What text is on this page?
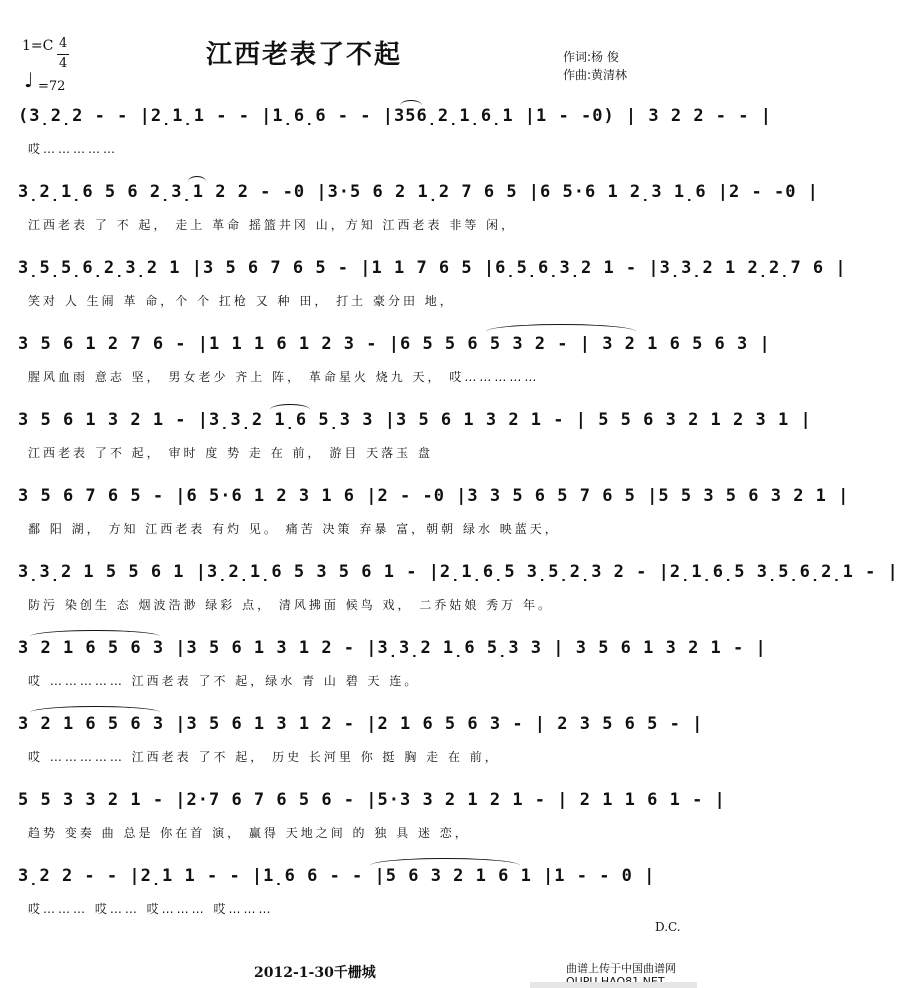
江西老表了不起
1=C 4
4
♩ =72
作词:杨 俊
作曲:黄清林
(3̣2̣2 - - |2̣1̣1 - - |1̣6̣6 - - |356̣2̣1̣6̣1 |1 - -0) | 3 2 2 - - |
哎……………
3̣2̣1̣6 5 6 2̣3̣1 2 2 - -0 |3·5 6 2 1̣2 7 6 5 |6 5·6 1 2̣3 1̣6 |2 - -0 |
江西老表 了 不 起， 走上 革命 摇篮井冈 山，方知 江西老表 非等 闲，
3̣5̣5̣6̣2̣3̣2 1 |3 5 6 7 6 5 - |1 1 7 6 5 |6̣5̣6̣3̣2 1 - |3̣3̣2 1 2̣2̣7 6 |
笑对 人 生闹 革 命，个 个 扛枪 又 种 田， 打土 豪分田 地，
3 5 6 1 2 7 6 - |1 1 1 6 1 2 3 - |6 5 5 6 5 3 2 - | 3 2 1 6 5 6 3 |
腥风血雨 意志 坚， 男女老少 齐上 阵， 革命星火 烧九 天， 哎……………
3 5 6 1 3 2 1 - |3̣3̣2 1̣6 5̣3 3 |3 5 6 1 3 2 1 - | 5 5 6 3 2 1 2 3 1 |
江西老表 了不 起， 审时 度 势 走 在 前， 游目 天落玉 盘
3 5 6 7 6 5 - |6 5·6 1 2 3 1 6 |2 - -0 |3 3 5 6 5 7 6 5 |5 5 3 5 6 3 2 1 |
鄱 阳 湖， 方知 江西老表 有灼 见。 痛苦 决策 弃暴 富，朝朝 绿水 映蓝天，
3̣3̣2 1 5 5 6 1 |3̣2̣1̣6 5 3 5 6 1 - |2̣1̣6̣5 3̣5̣2̣3 2 - |2̣1̣6̣5 3̣5̣6̣2̣1 - |
防污 染创生 态 烟波浩渺 绿彩 点， 清风拂面 候鸟 戏， 二乔姑娘 秀万 年。
3 2 1 6 5 6 3 |3 5 6 1 3 1 2 - |3̣3̣2 1̣6 5̣3 3 | 3 5 6 1 3 2 1 - |
哎 …………… 江西老表 了不 起，绿水 青 山 碧 天 连。
3 2 1 6 5 6 3 |3 5 6 1 3 1 2 - |2 1 6 5 6 3 - | 2 3 5 6 5 - |
哎 …………… 江西老表 了不 起， 历史 长河里 你 挺 胸 走 在 前，
5 5 3 3 2 1 - |2·7 6 7 6 5 6 - |5·3 3 2 1 2 1 - | 2 1 1 6 1 - |
趋势 变奏 曲 总是 你在首 演， 赢得 天地之间 的 独 具 迷 恋，
3̣2 2 - - |2̣1 1 - - |1̣6 6 - - |5 6 3 2 1 6 1 |1 - - 0 |
哎……… 哎…… 哎……… 哎………
D.C.
2012-1-30千栅城	曲谱上传于中国曲谱网
